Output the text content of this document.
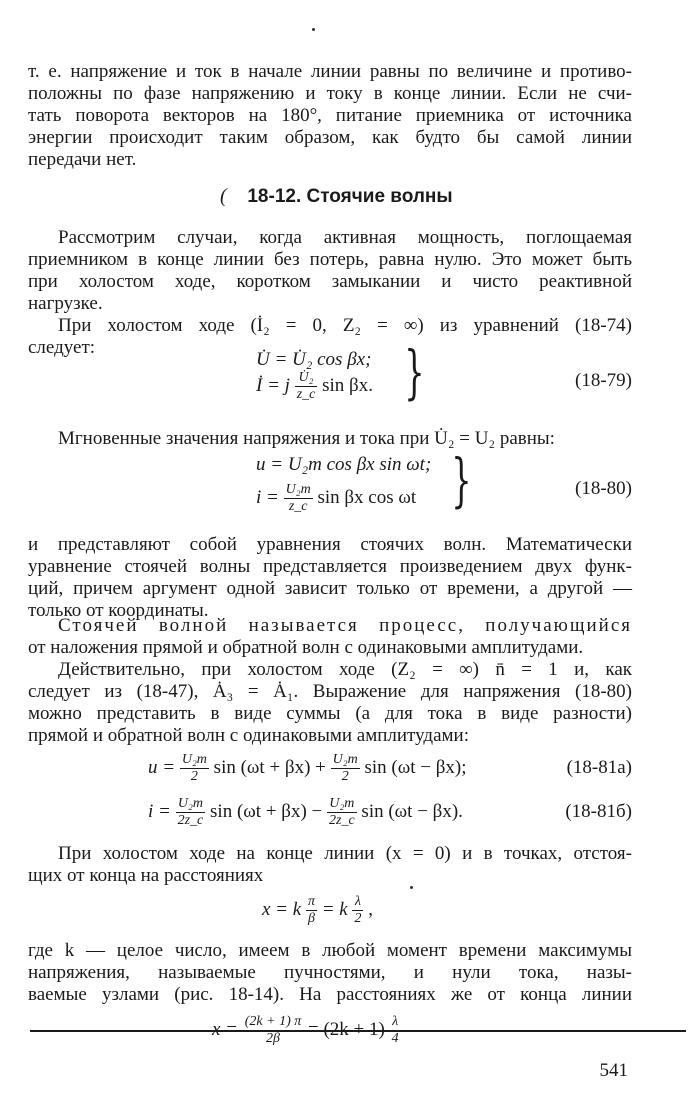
т. е. напряжение и ток в начале линии равны по величине и противо-
положны по фазе напряжению и току в конце линии. Если не счи-
тать поворота векторов на 180°, питание приемника от источника
энергии происходит таким образом, как будто бы самой линии
передачи нет.
(	18-12. Стоячие волны
Рассмотрим случаи, когда активная мощность, поглощаемая
приемником в конце линии без потерь, равна нулю. Это может быть
при холостом ходе, коротком замыкании и чисто реактивной
нагрузке.
При холостом ходе (İ₂ = 0, Z₂ = ∞) из уравнений (18-74)
следует:
U̇ = U̇₂ cos βx;
İ = j $\frac{\text{U̇₂}}{z\_c}$ sin βx. }	(18-79)
Мгновенные значения напряжения и тока при U̇₂ = U₂ равны:
u = U₂m cos βx sin ωt;
$i = \frac{\text{U₂m}}{z\_c}$ sin βx cos ωt }	(18-80)
и представляют собой уравнения стоячих волн. Математически
уравнение стоячей волны представляется произведением двух функ-
ций, причем аргумент одной зависит только от времени, а другой —
только от координаты.
Стоячей волной называется процесс, получающийся
от наложения прямой и обратной волн с одинаковыми амплитудами.
Действительно, при холостом ходе (Z₂ = ∞) n̄ = 1 и, как
следует из (18-47), Ȧ₃ = Ȧ₁. Выражение для напряжения (18-80)
можно представить в виде суммы (а для тока в виде разности)
прямой и обратной волн с одинаковыми амплитудами:
$u = \frac{\text{U₂m}}{2}$ $\sin (\omega t + \beta x) + \frac{\text{U₂m}}{2}$ sin (ωt − βx);	(18-81а)
$i = \frac{\text{U₂m}}{2z\_c}$ $\sin (\omega t + \beta x) - \frac{\text{U₂m}}{2z\_c}$ sin (ωt − βx).	(18-81б)
При холостом ходе на конце линии (x = 0) и в точках, отстоя-
щих от конца на расстояниях
x = k $\frac{\pi}{\beta} = k \frac{\lambda}{2}$ ,
где k — целое число, имеем в любой момент времени максимумы
напряжения, называемые пучностями, и нули тока, назы-
ваемые узлами (рис. 18-14). На расстояниях же от конца линии
$x = \frac{(2k + 1) \pi}{2\beta} = (2k + 1) \frac{\lambda}{4}$
541
